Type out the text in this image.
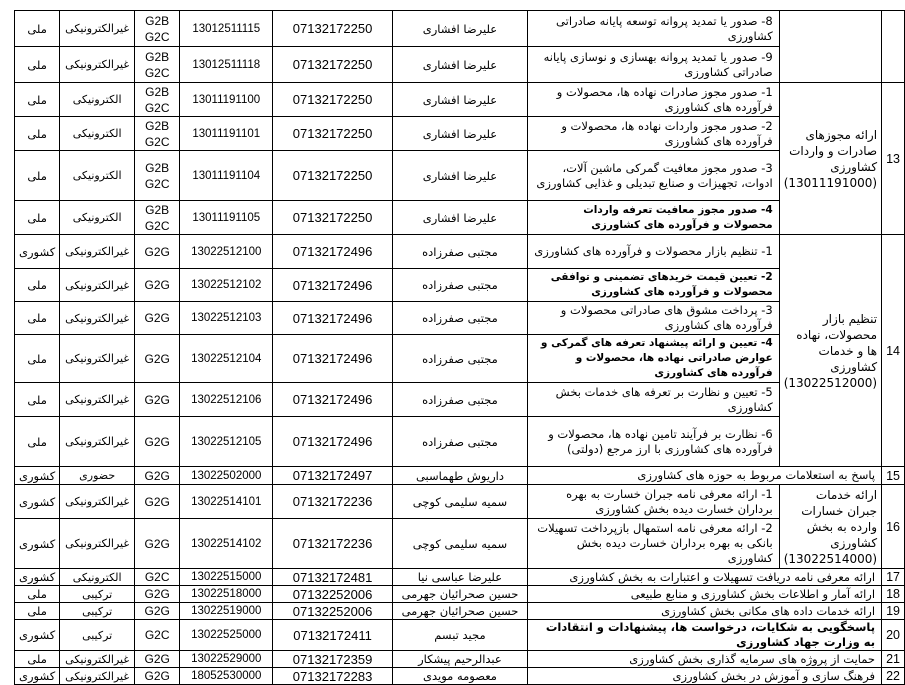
ملی	غیرالکترونیکی	G2B G2C	13012511115	07132172250	علیرضا افشاری	8- صدور یا تمدید پروانه توسعه پایانه صادراتی کشاورزی		
ملی	غیرالکترونیکی	G2B G2C	13012511118	07132172250	علیرضا افشاری	9- صدور یا تمدید پروانه بهسازی و نوسازی پایانه صادراتی کشاورزی		
ملی	الکترونیکی	G2B G2C	13011191100	07132172250	علیرضا افشاری	1- صدور مجوز صادرات نهاده ها، محصولات و فرآورده های کشاورزی	ارائه مجوزهای صادرات و واردات کشاورزی (13011191000)	13
ملی	الکترونیکی	G2B G2C	13011191101	07132172250	علیرضا افشاری	2- صدور مجوز واردات نهاده ها، محصولات و فرآورده های کشاورزی		
ملی	الکترونیکی	G2B G2C	13011191104	07132172250	علیرضا افشاری	3- صدور مجوز معافیت گمرکی ماشین آلات، ادوات، تجهیزات و صنایع تبدیلی و غذایی کشاورزی		
ملی	الکترونیکی	G2B G2C	13011191105	07132172250	علیرضا افشاری	4- صدور مجوز معافیت تعرفه واردات محصولات و فرآورده های کشاورزی		
کشوری	غیرالکترونیکی	G2G	13022512100	07132172496	مجتبی صفرزاده	1- تنظیم بازار محصولات و فرآورده های کشاورزی	تنظیم بازار محصولات، نهاده ها و خدمات کشاورزی (13022512000)	14
ملی	غیرالکترونیکی	G2G	13022512102	07132172496	مجتبی صفرزاده	2- تعیین قیمت خریدهای تضمینی و توافقی محصولات و فرآورده های کشاورزی		
ملی	غیرالکترونیکی	G2G	13022512103	07132172496	مجتبی صفرزاده	3- پرداخت مشوق های صادراتی محصولات و فرآورده های کشاورزی		
ملی	غیرالکترونیکی	G2G	13022512104	07132172496	مجتبی صفرزاده	4- تعیین و ارائه پیشنهاد تعرفه های گمرکی و عوارض صادراتی نهاده ها، محصولات و فرآورده های کشاورزی		
ملی	غیرالکترونیکی	G2G	13022512106	07132172496	مجتبی صفرزاده	5- تعیین و نظارت بر تعرفه های خدمات بخش کشاورزی		
ملی	غیرالکترونیکی	G2G	13022512105	07132172496	مجتبی صفرزاده	6- نظارت بر فرآیند تامین نهاده ها، محصولات و فرآورده های کشاورزی با ارز مرجع (دولتی)		
کشوری	حضوری	G2G	13022502000	07132172497	داریوش طهماسبی	پاسخ به استعلامات مربوط به حوزه های کشاورزی		15
کشوری	غیرالکترونیکی	G2G	13022514101	07132172236	سمیه سلیمی کوچی	1- ارائه معرفی نامه جبران خسارت به بهره برداران خسارت دیده بخش کشاورزی	ارائه خدمات جبران خسارات وارده به بخش کشاورزی (13022514000)	16
کشوری	غیرالکترونیکی	G2G	13022514102	07132172236	سمیه سلیمی کوچی	2- ارائه معرفی نامه استمهال بازپرداخت تسهیلات بانکی به بهره برداران خسارت دیده بخش کشاورزی		
کشوری	الکترونیکی	G2C	13022515000	07132172481	علیرضا عباسی نیا	ارائه معرفی نامه دریافت تسهیلات و اعتبارات به بخش کشاورزی		17
ملی	ترکیبی	G2G	13022518000	07132252006	حسین صحرائیان جهرمی	ارائه آمار و اطلاعات بخش کشاورزی و منابع طبیعی		18
ملی	ترکیبی	G2G	13022519000	07132252006	حسین صحرائیان جهرمی	ارائه خدمات داده های مکانی بخش کشاورزی		19
کشوری	ترکیبی	G2C	13022525000	07132172411	مجید تبسم	پاسخگویی به شکایات، درخواست ها، پیشنهادات و انتقادات به وزارت جهاد کشاورزی		20
ملی	غیرالکترونیکی	G2G	13022529000	07132172359	عبدالرحیم پیشکار	حمایت از پروژه های سرمایه گذاری بخش کشاورزی		21
کشوری	غیرالکترونیکی	G2G	18052530000	07132172283	معصومه مویدی	فرهنگ سازی و آموزش در بخش کشاورزی		22
